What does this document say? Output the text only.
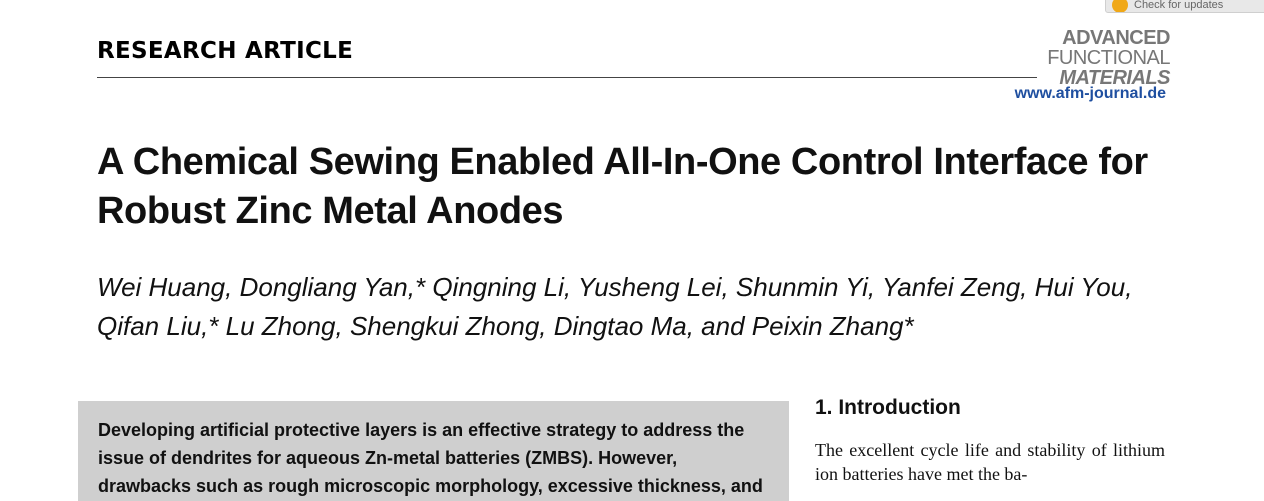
Check for updates
RESEARCH ARTICLE	ADVANCED
FUNCTIONAL
MATERIALS
www.afm-journal.de
A Chemical Sewing Enabled All-In-One Control Interface for Robust Zinc Metal Anodes

Wei Huang, Dongliang Yan,* Qingning Li, Yusheng Lei, Shunmin Yi, Yanfei Zeng, Hui You, Qifan Liu,* Lu Zhong, Shengkui Zhong, Dingtao Ma, and Peixin Zhang*

Developing artificial protective layers is an effective strategy to address the issue of dendrites for aqueous Zn-metal batteries (ZMBS). However, drawbacks such as rough microscopic morphology, excessive thickness, and

1. Introduction

The excellent cycle life and stability of lithium ion batteries have met the ba-
